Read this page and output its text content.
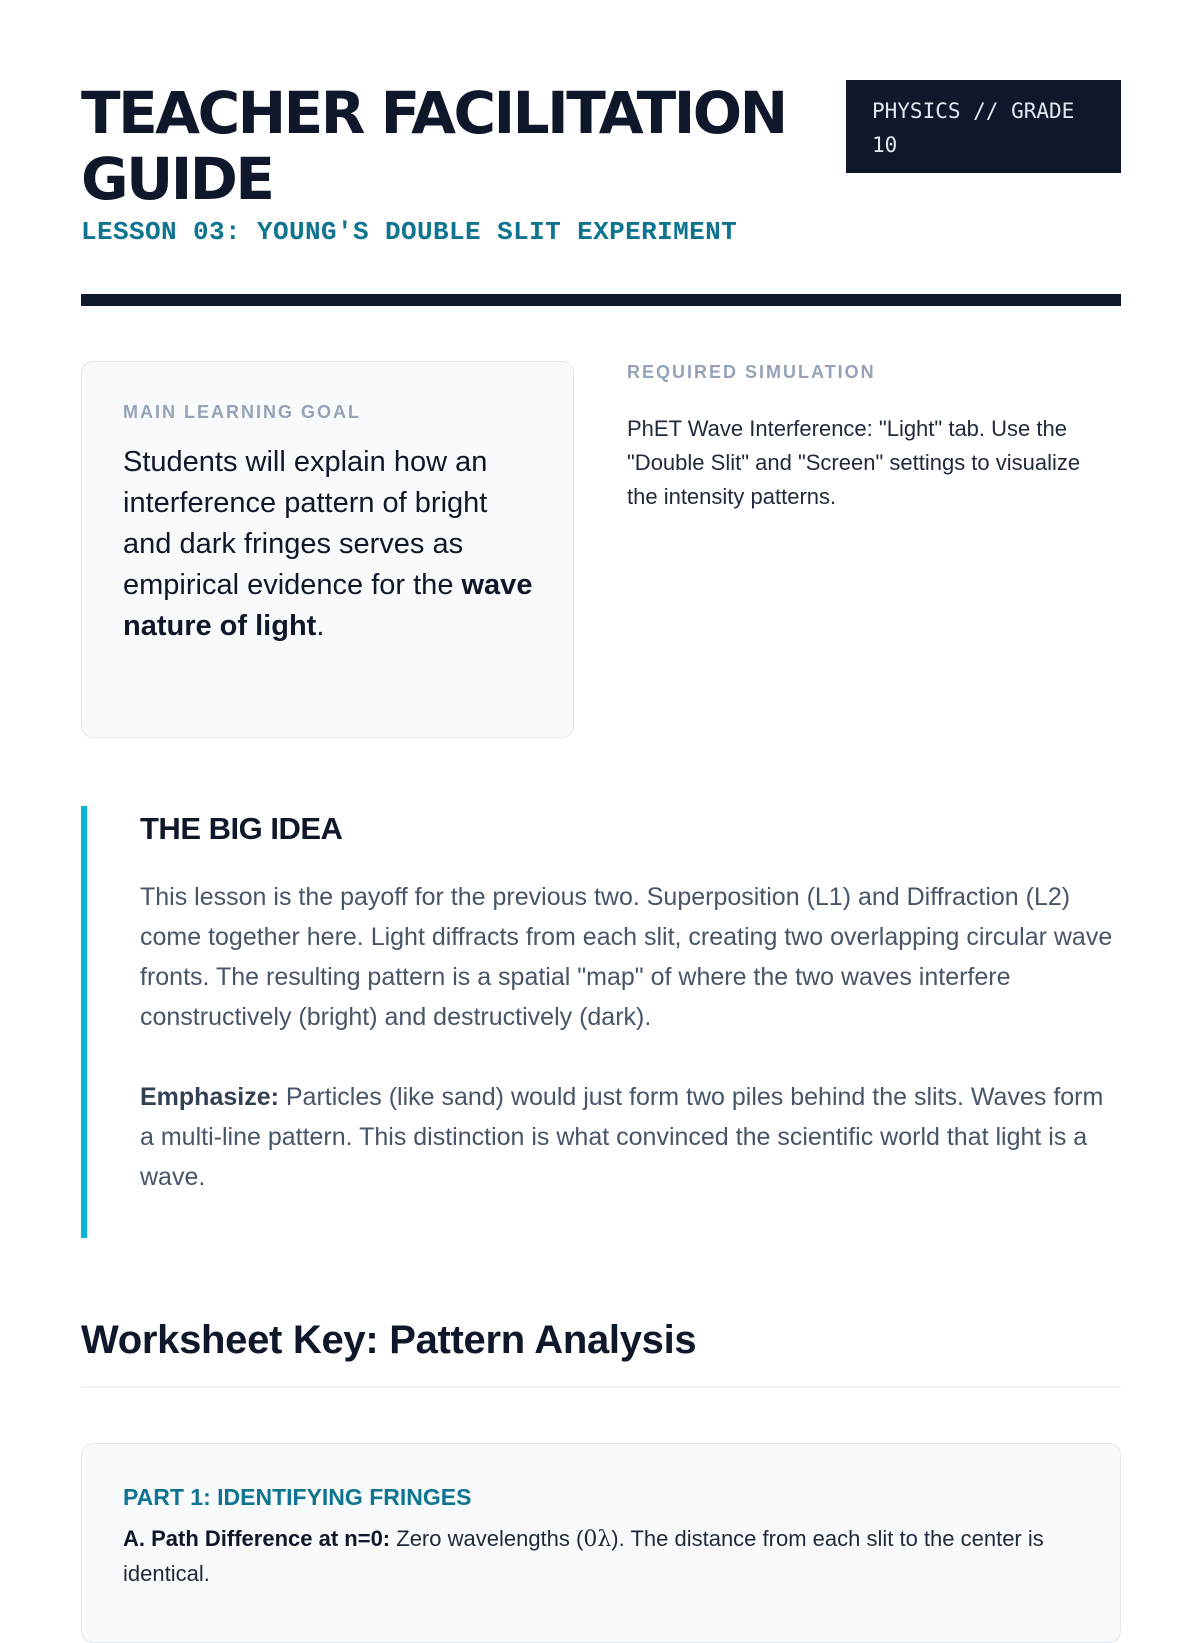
TEACHER FACILITATION GUIDE
PHYSICS // GRADE 10
LESSON 03: YOUNG'S DOUBLE SLIT EXPERIMENT
MAIN LEARNING GOAL
Students will explain how an interference pattern of bright and dark fringes serves as empirical evidence for the wave nature of light.
REQUIRED SIMULATION
PhET Wave Interference: "Light" tab. Use the "Double Slit" and "Screen" settings to visualize the intensity patterns.
THE BIG IDEA

This lesson is the payoff for the previous two. Superposition (L1) and Diffraction (L2) come together here. Light diffracts from each slit, creating two overlapping circular wave fronts. The resulting pattern is a spatial "map" of where the two waves interfere constructively (bright) and destructively (dark).

Emphasize: Particles (like sand) would just form two piles behind the slits. Waves form a multi-line pattern. This distinction is what convinced the scientific world that light is a wave.

Worksheet Key: Pattern Analysis
PART 1: IDENTIFYING FRINGES
A. Path Difference at n=0: Zero wavelengths (0λ). The distance from each slit to the center is identical.
